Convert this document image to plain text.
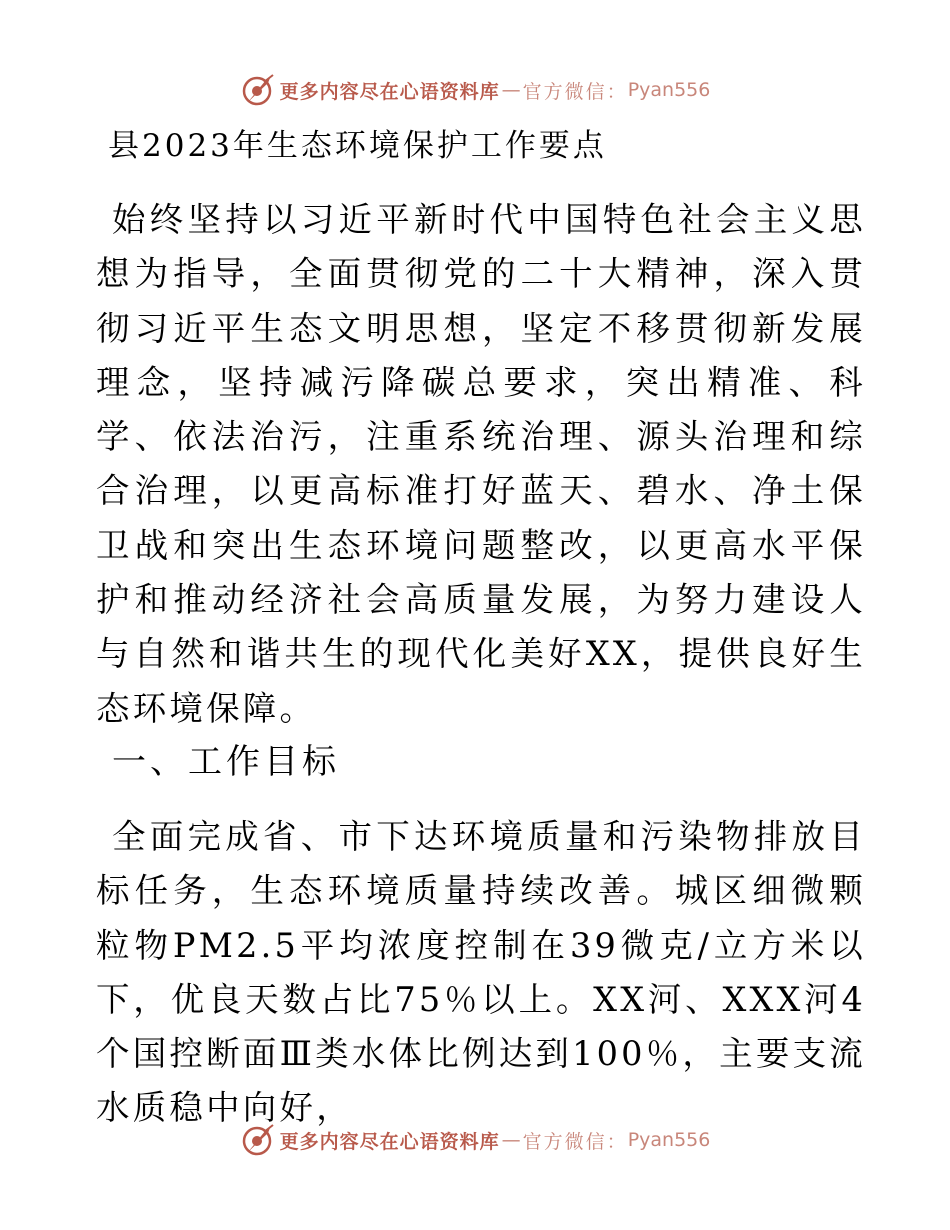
更多内容尽在心语资料库 — 官方微信： Pyan556
县2023年生态环境保护工作要点

始终坚持以习近平新时代中国特色社会主义思想为指导，全面贯彻党的二十大精神，深入贯彻习近平生态文明思想，坚定不移贯彻新发展理念，坚持减污降碳总要求，突出精准、科学、依法治污，注重系统治理、源头治理和综合治理，以更高标准打好蓝天、碧水、净土保卫战和突出生态环境问题整改，以更高水平保护和推动经济社会高质量发展，为努力建设人与自然和谐共生的现代化美好XX，提供良好生态环境保障。

一、工作目标

全面完成省、市下达环境质量和污染物排放目标任务，生态环境质量持续改善。城区细微颗粒物PM2.5平均浓度控制在39微克/立方米以下，优良天数占比75％以上。XX河、XXX河4个国控断面Ⅲ类水体比例达到100％，主要支流水质稳中向好，

更多内容尽在心语资料库 — 官方微信： Pyan556
